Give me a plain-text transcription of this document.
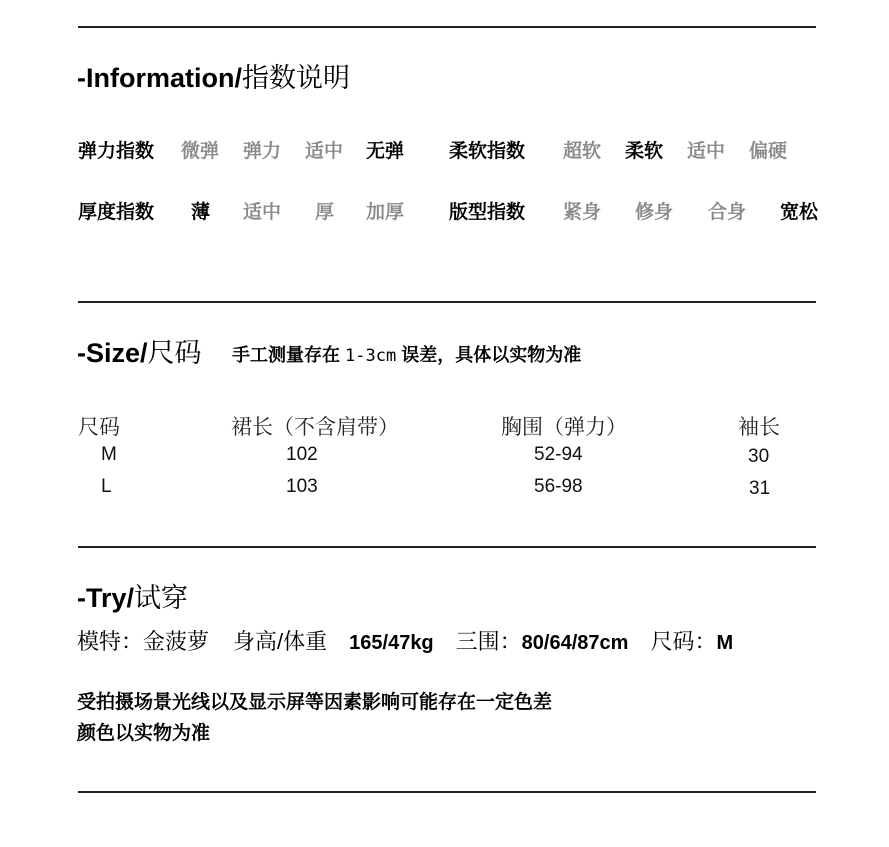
-Information/指数说明
弹力指数 微弹 弹力 适中 无弹 柔软指数 超软 柔软 适中 偏硬
厚度指数 薄 适中 厚 加厚 版型指数 紧身 修身 合身 宽松
-Size/尺码 手工测量存在 1-3cm 误差，具体以实物为准
尺码	裙长（不含肩带）	胸围（弹力）	袖长
M	102	52-94	30
L	103	56-98	31
-Try/试穿
模特：金菠萝 身高/体重 165/47kg 三围：80/64/87cm 尺码：M
受拍摄场景光线以及显示屏等因素影响可能存在一定色差
颜色以实物为准
